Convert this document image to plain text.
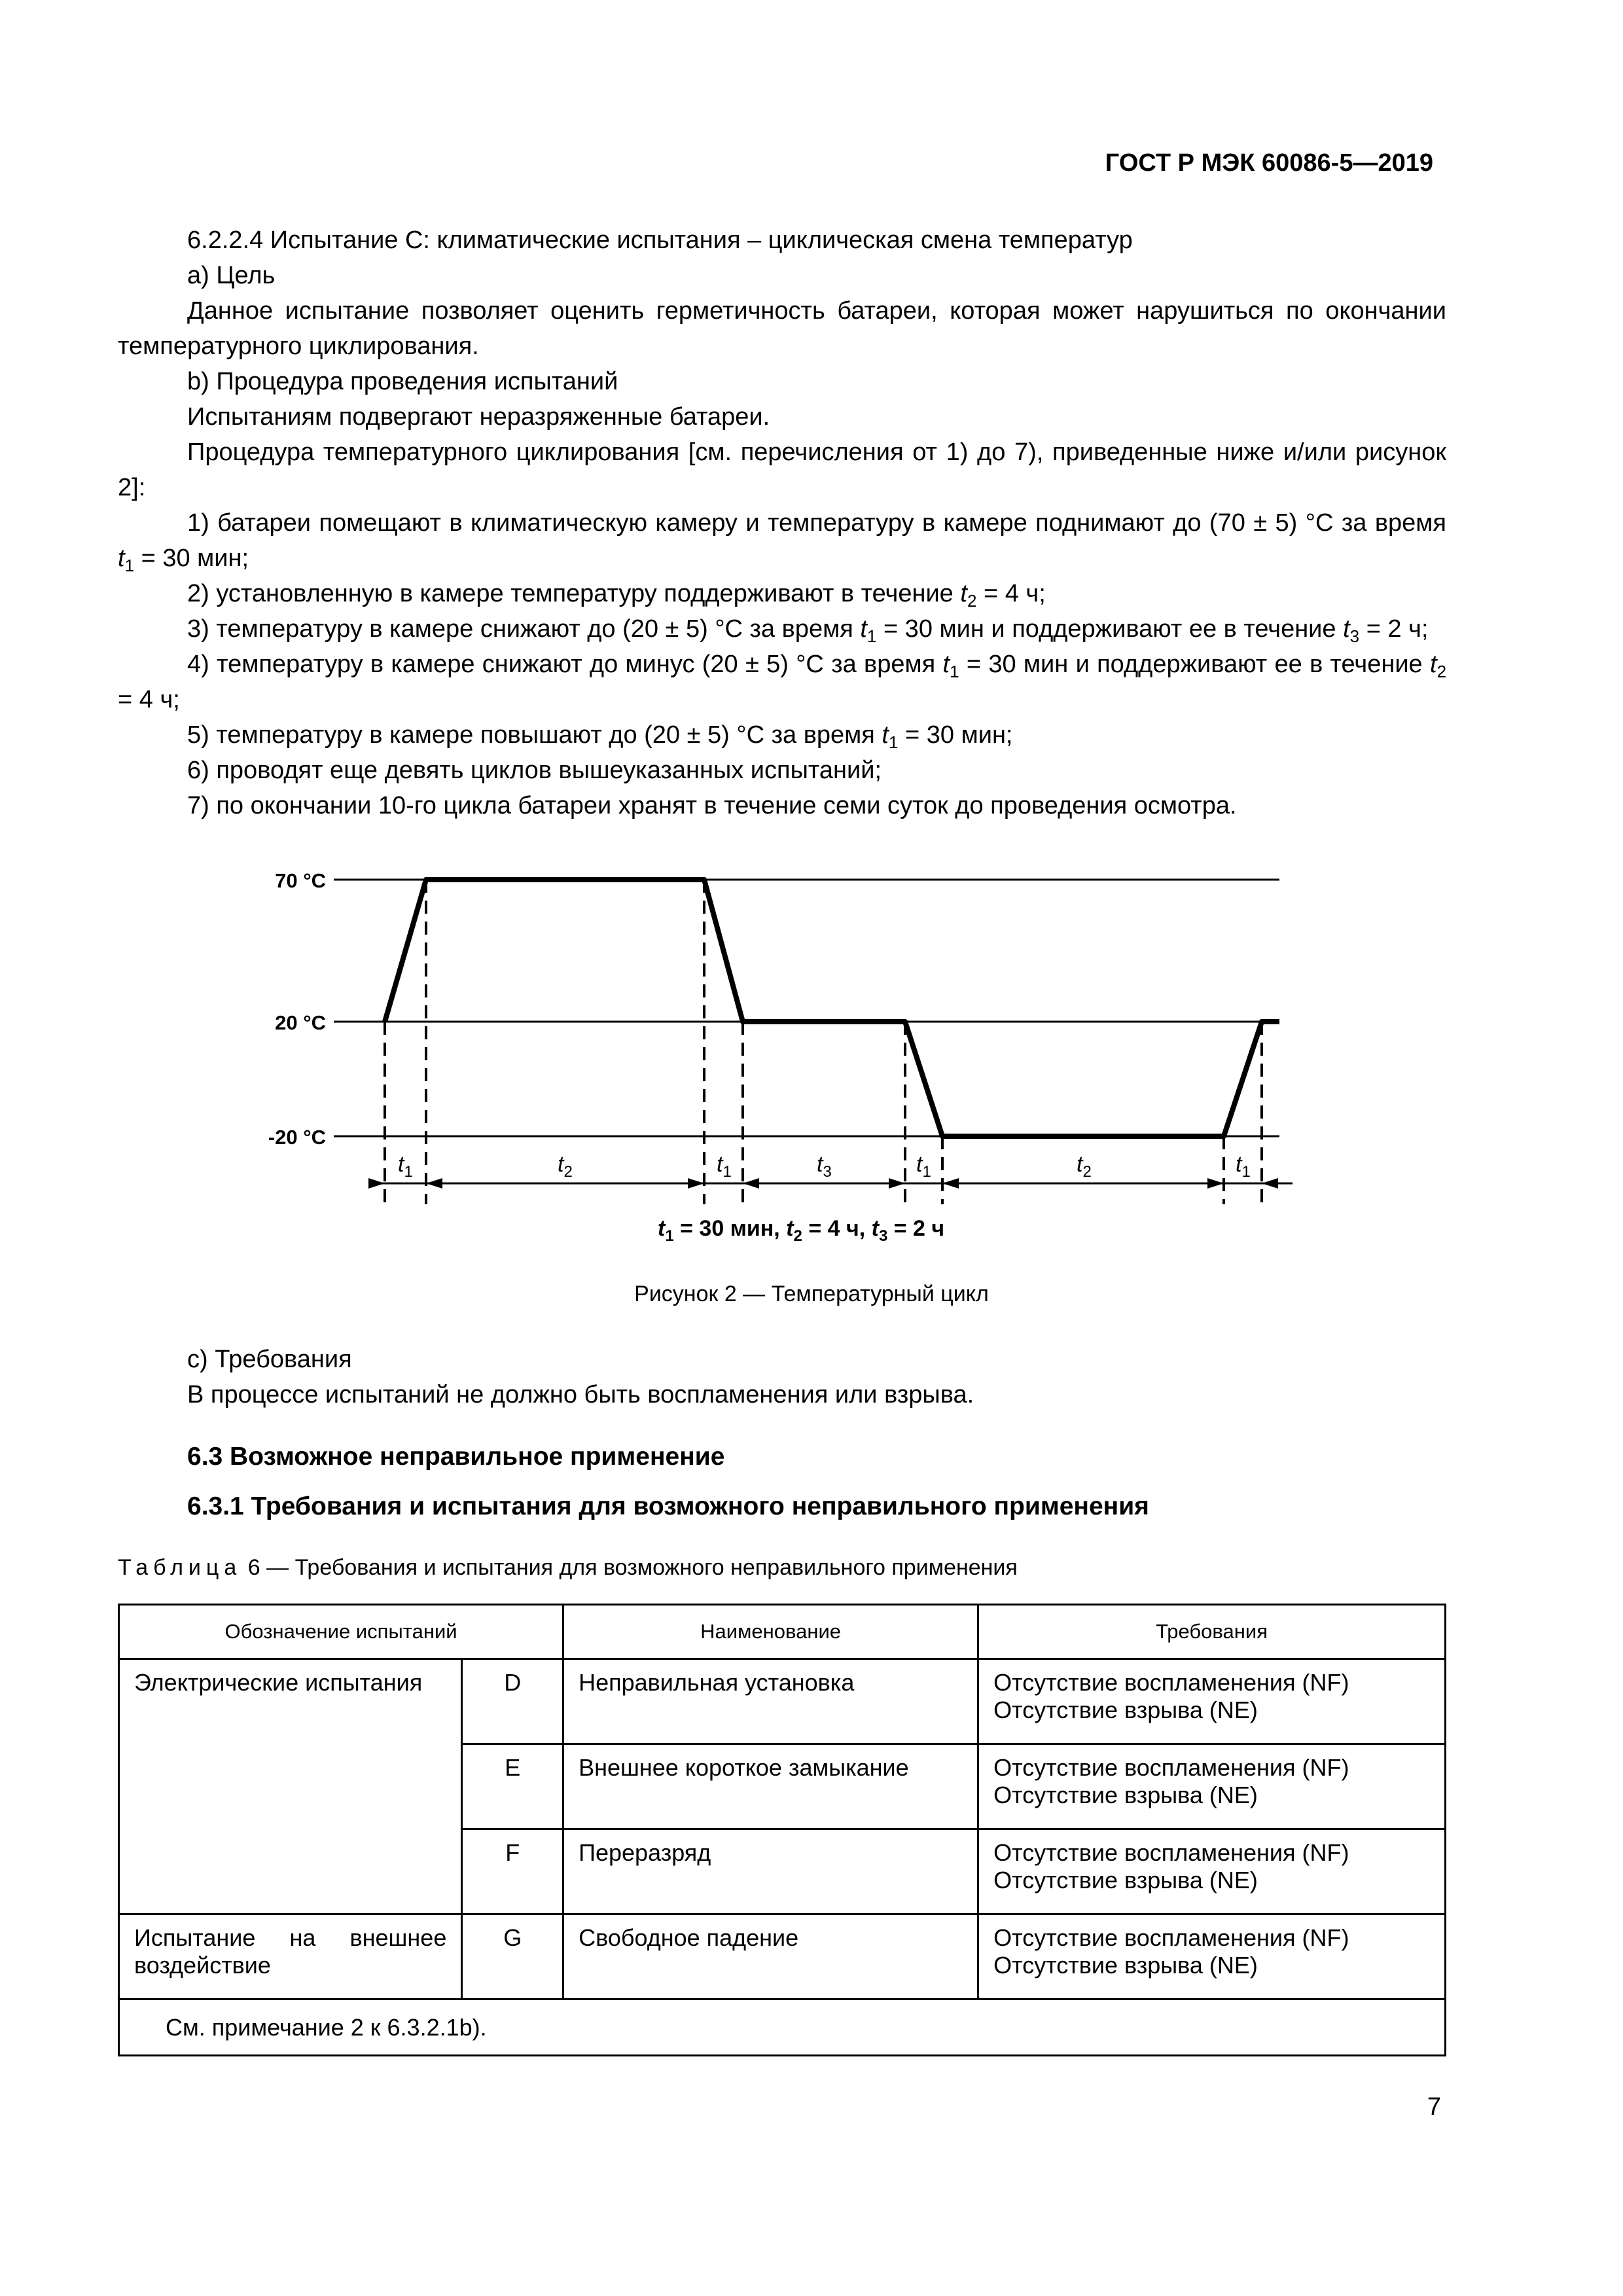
ГОСТ Р МЭК 60086-5—2019

6.2.2.4 Испытание С: климатические испытания – циклическая смена температур

a) Цель

Данное испытание позволяет оценить герметичность батареи, которая может нарушиться по окончании температурного циклирования.

b) Процедура проведения испытаний

Испытаниям подвергают неразряженные батареи.

Процедура температурного циклирования [см. перечисления от 1) до 7), приведенные ниже и/или рисунок 2]:

1) батареи помещают в климатическую камеру и температуру в камере поднимают до (70 ± 5) °С за время $t_1 = 30$ мин;

2) установленную в камере температуру поддерживают в течение $t_2 = 4$ ч;

3) температуру в камере снижают до (20 ± 5) °С за время $t_1 = 30$ мин и поддерживают ее в течение $t_3 = 2$ ч;

4) температуру в камере снижают до минус (20 ± 5) °С за время $t_1 = 30$ мин и поддерживают ее в течение $t_2 = 4$ ч;

5) температуру в камере повышают до (20 ± 5) °С за время $t_1 = 30$ мин;

6) проводят еще девять циклов вышеуказанных испытаний;

7) по окончании 10-го цикла батареи хранят в течение семи суток до проведения осмотра.

70 °С
20 °С
-20 °С
$t_1$	$t_2$	$t_1$	$t_3$	$t_1$	$t_2$	$t_1$
$t_1 = 30$ мин, $t_2 = 4$ ч, $t_3 = 2$ ч
Рисунок 2 — Температурный цикл

c) Требования

В процессе испытаний не должно быть воспламенения или взрыва.

6.3 Возможное неправильное применение
6.3.1 Требования и испытания для возможного неправильного применения
Таблица 6 — Требования и испытания для возможного неправильного применения
Обозначение испытаний		Наименование	Требования
Электрические испытания	D	Неправильная установка	Отсутствие воспламенения (NF)
Отсутствие взрыва (NE)

	E	Внешнее короткое замыкание	Отсутствие воспламенения (NF)
Отсутствие взрыва (NE)

	F	Переразряд	Отсутствие воспламенения (NF)
Отсутствие взрыва (NE)

Испытание на внешнее воздействие	G	Свободное падение	Отсутствие воспламенения (NF)
Отсутствие взрыва (NE)

См. примечание 2 к 6.3.2.1b).			
7
